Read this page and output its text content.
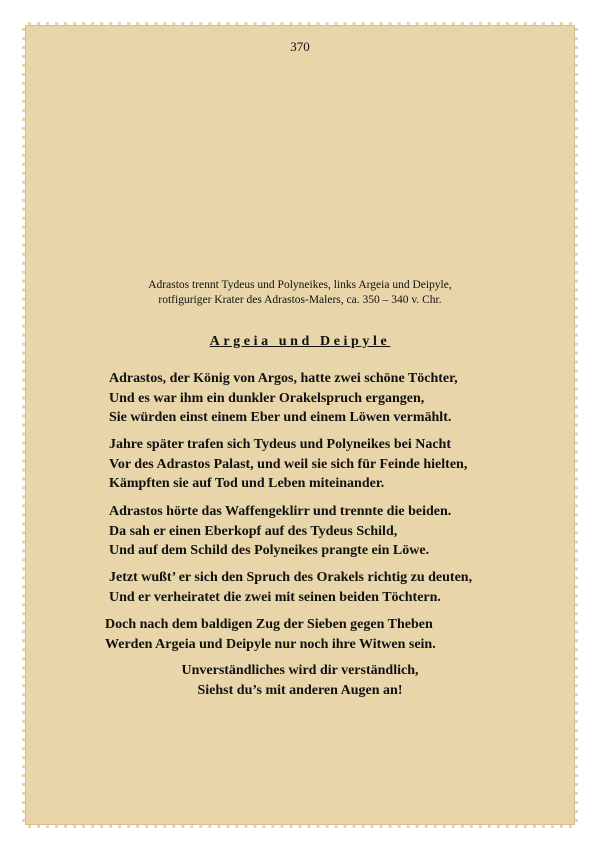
370
Adrastos trennt Tydeus und Polyneikes, links Argeia und Deipyle,
rotfiguriger Krater des Adrastos-Malers, ca. 350 – 340 v. Chr.
Argeia und Deipyle
Adrastos, der König von Argos, hatte zwei schöne Töchter,
Und es war ihm ein dunkler Orakelspruch ergangen,
Sie würden einst einem Eber und einem Löwen vermählt.
Jahre später trafen sich Tydeus und Polyneikes bei Nacht
Vor des Adrastos Palast, und weil sie sich für Feinde hielten,
Kämpften sie auf Tod und Leben miteinander.
Adrastos hörte das Waffengeklirr und trennte die beiden.
Da sah er einen Eberkopf auf des Tydeus Schild,
Und auf dem Schild des Polyneikes prangte ein Löwe.
Jetzt wußt’ er sich den Spruch des Orakels richtig zu deuten,
Und er verheiratet die zwei mit seinen beiden Töchtern.
Doch nach dem baldigen Zug der Sieben gegen Theben
Werden Argeia und Deipyle nur noch ihre Witwen sein.
Unverständliches wird dir verständlich,
Siehst du’s mit anderen Augen an!
